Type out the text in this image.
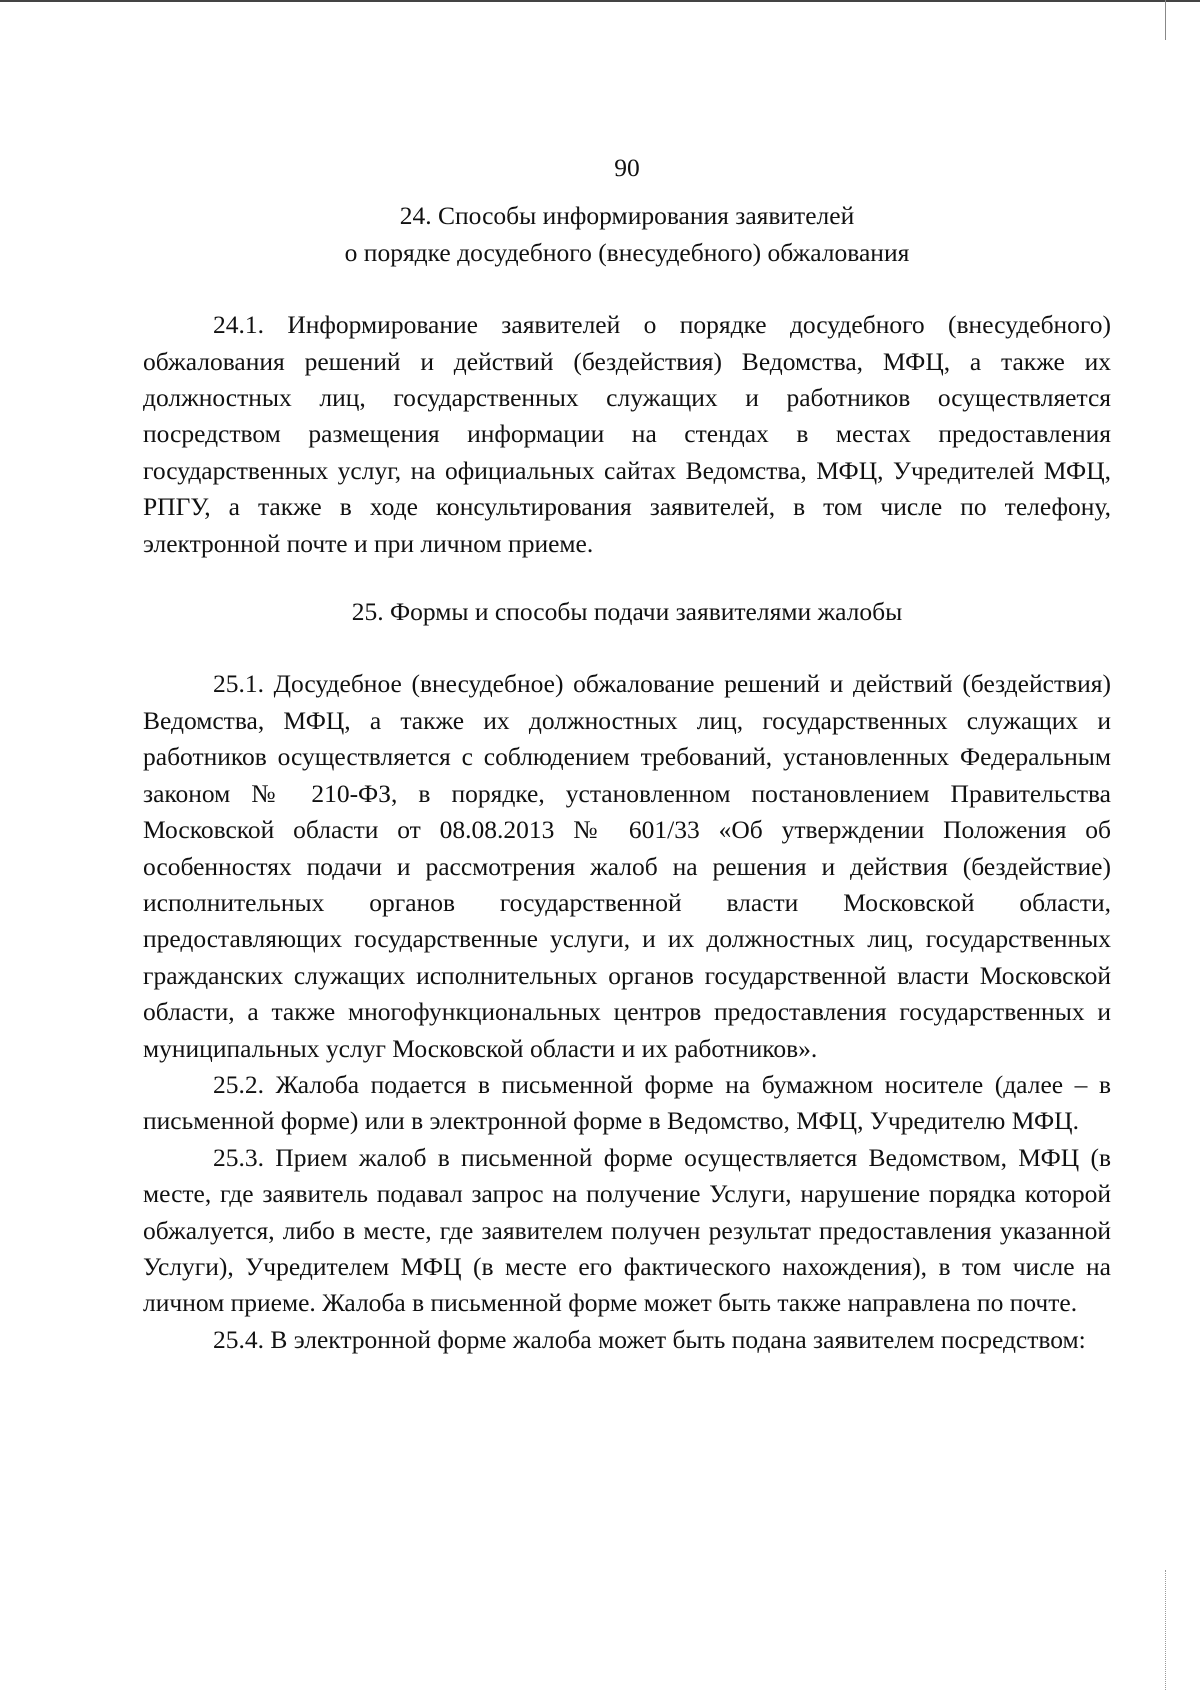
90
24. Способы информирования заявителей
о порядке досудебного (внесудебного) обжалования

24.1. Информирование заявителей о порядке досудебного (внесудебного) обжалования решений и действий (бездействия) Ведомства, МФЦ, а также их должностных лиц, государственных служащих и работников осуществляется посредством размещения информации на стендах в местах предоставления государственных услуг, на официальных сайтах Ведомства, МФЦ, Учредителей МФЦ, РПГУ, а также в ходе консультирования заявителей, в том числе по телефону, электронной почте и при личном приеме.

25. Формы и способы подачи заявителями жалобы

25.1. Досудебное (внесудебное) обжалование решений и действий (бездействия) Ведомства, МФЦ, а также их должностных лиц, государственных служащих и работников осуществляется с соблюдением требований, установленных Федеральным законом № 210-ФЗ, в порядке, установленном постановлением Правительства Московской области от 08.08.2013 № 601/33 «Об утверждении Положения об особенностях подачи и рассмотрения жалоб на решения и действия (бездействие) исполнительных органов государственной власти Московской области, предоставляющих государственные услуги, и их должностных лиц, государственных гражданских служащих исполнительных органов государственной власти Московской области, а также многофункциональных центров предоставления государственных и муниципальных услуг Московской области и их работников».

25.2. Жалоба подается в письменной форме на бумажном носителе (далее – в письменной форме) или в электронной форме в Ведомство, МФЦ, Учредителю МФЦ.

25.3. Прием жалоб в письменной форме осуществляется Ведомством, МФЦ (в месте, где заявитель подавал запрос на получение Услуги, нарушение порядка которой обжалуется, либо в месте, где заявителем получен результат предоставления указанной Услуги), Учредителем МФЦ (в месте его фактического нахождения), в том числе на личном приеме. Жалоба в письменной форме может быть также направлена по почте.

25.4. В электронной форме жалоба может быть подана заявителем посредством:
